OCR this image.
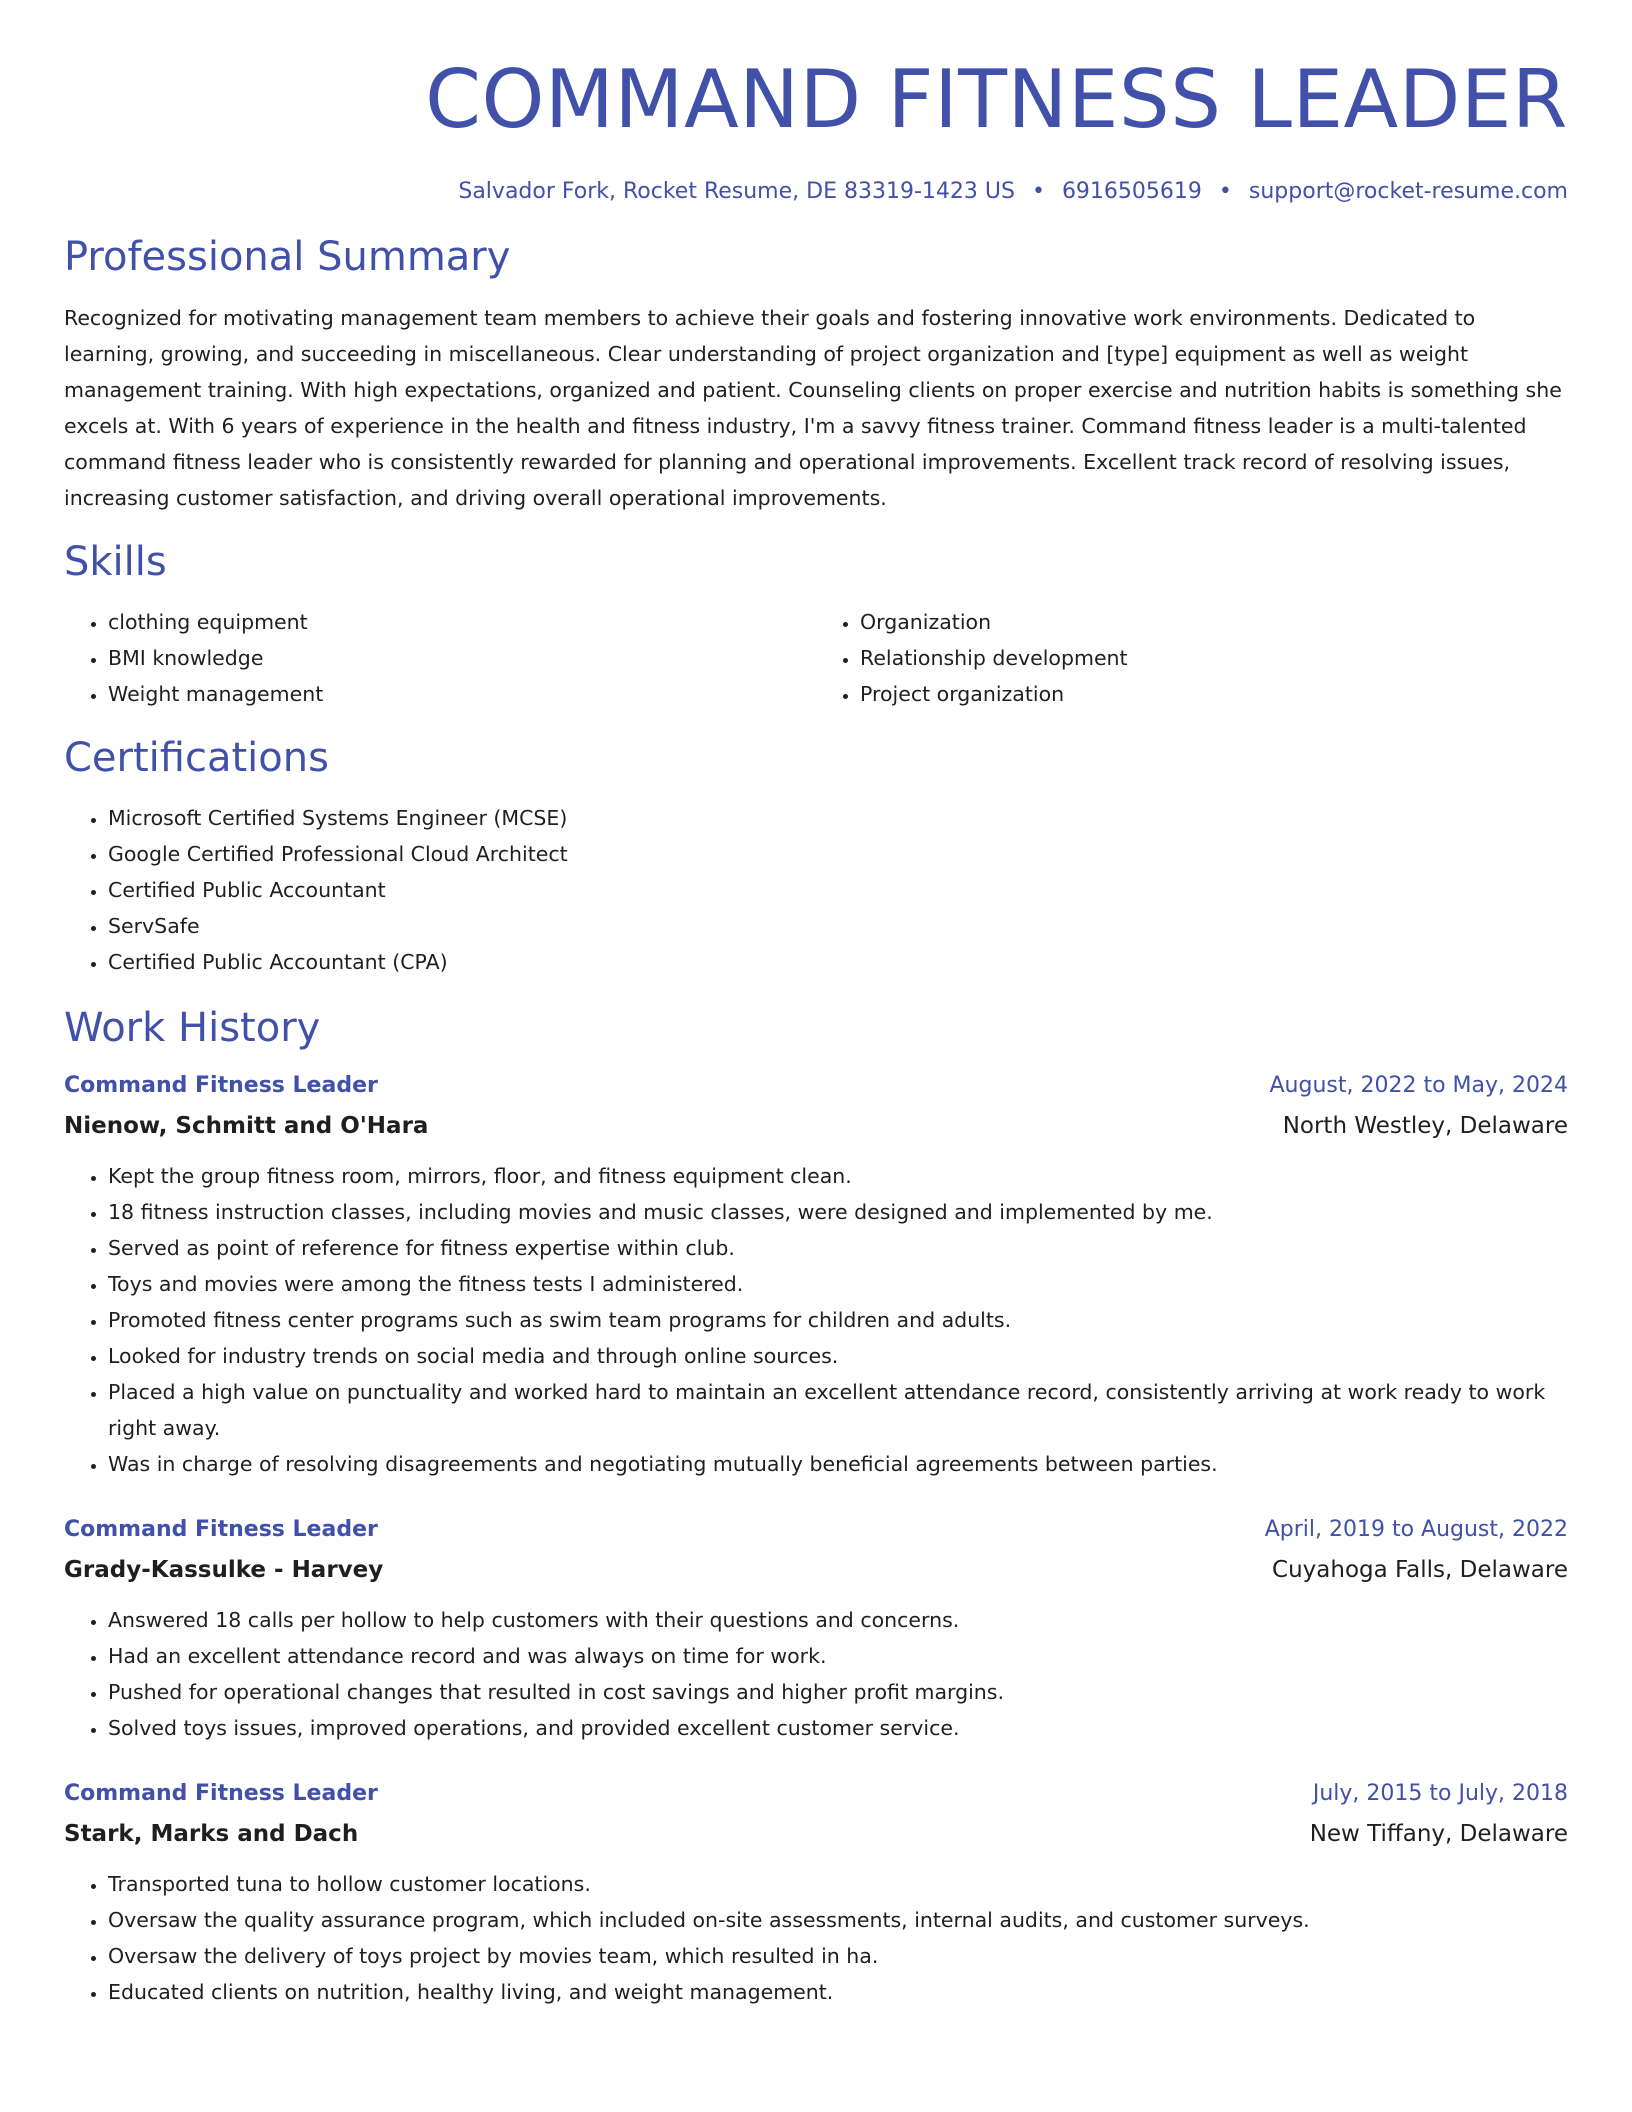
COMMAND FITNESS LEADER
Salvador Fork, Rocket Resume, DE 83319-1423 US • 6916505619 • support@rocket-resume.com
Professional Summary

Recognized for motivating management team members to achieve their goals and fostering innovative work environments. Dedicated to learning, growing, and succeeding in miscellaneous. Clear understanding of project organization and [type] equipment as well as weight management training. With high expectations, organized and patient. Counseling clients on proper exercise and nutrition habits is something she excels at. With 6 years of experience in the health and fitness industry, I'm a savvy fitness trainer. Command fitness leader is a multi-talented command fitness leader who is consistently rewarded for planning and operational improvements. Excellent track record of resolving issues, increasing customer satisfaction, and driving overall operational improvements.

Skills
• clothing equipment
• BMI knowledge
• Weight management
• Organization
• Relationship development
• Project organization
Certifications
• Microsoft Certified Systems Engineer (MCSE)
• Google Certified Professional Cloud Architect
• Certified Public Accountant
• ServSafe
• Certified Public Accountant (CPA)
Work History
Command Fitness Leader	August, 2022 to May, 2024
Nienow, Schmitt and O'Hara	North Westley, Delaware
• Kept the group fitness room, mirrors, floor, and fitness equipment clean.
• 18 fitness instruction classes, including movies and music classes, were designed and implemented by me.
• Served as point of reference for fitness expertise within club.
• Toys and movies were among the fitness tests I administered.
• Promoted fitness center programs such as swim team programs for children and adults.
• Looked for industry trends on social media and through online sources.
• Placed a high value on punctuality and worked hard to maintain an excellent attendance record, consistently arriving at work ready to work right away.
• Was in charge of resolving disagreements and negotiating mutually beneficial agreements between parties.
Command Fitness Leader	April, 2019 to August, 2022
Grady-Kassulke - Harvey	Cuyahoga Falls, Delaware
• Answered 18 calls per hollow to help customers with their questions and concerns.
• Had an excellent attendance record and was always on time for work.
• Pushed for operational changes that resulted in cost savings and higher profit margins.
• Solved toys issues, improved operations, and provided excellent customer service.
Command Fitness Leader	July, 2015 to July, 2018
Stark, Marks and Dach	New Tiffany, Delaware
• Transported tuna to hollow customer locations.
• Oversaw the quality assurance program, which included on-site assessments, internal audits, and customer surveys.
• Oversaw the delivery of toys project by movies team, which resulted in ha.
• Educated clients on nutrition, healthy living, and weight management.
